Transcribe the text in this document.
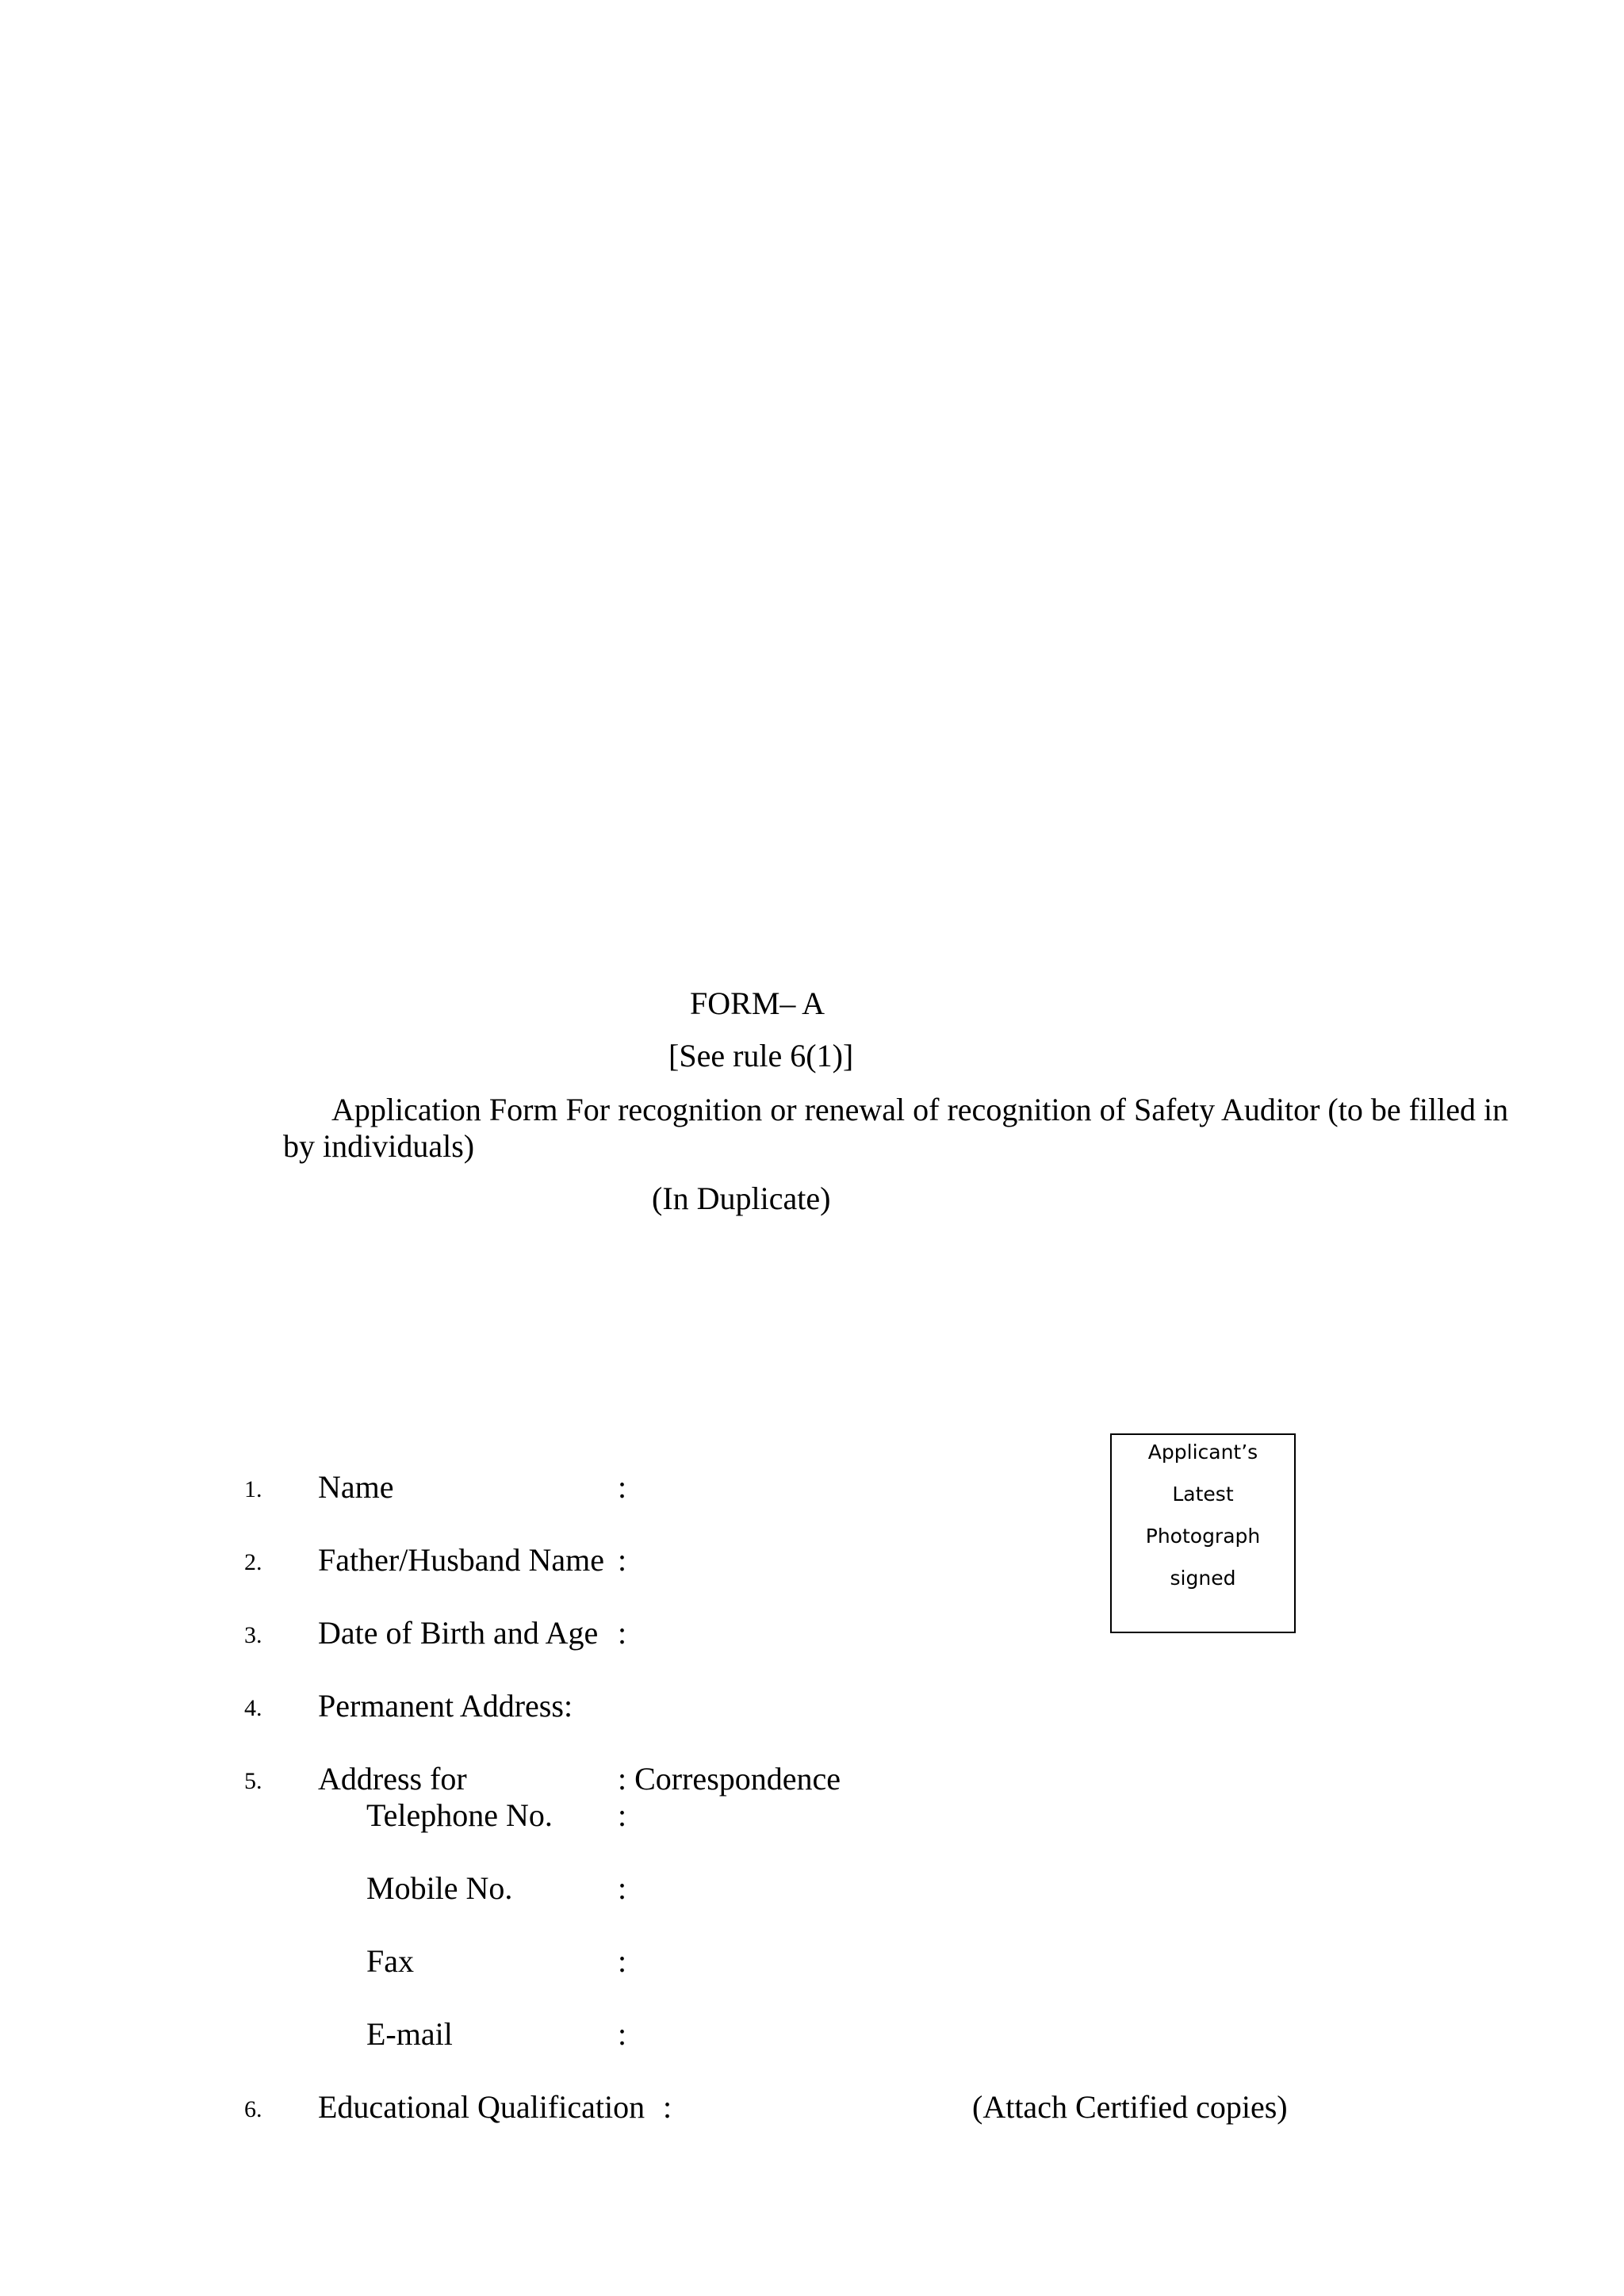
FORM– A
[See rule 6(1)]
Application Form For recognition or renewal of recognition of Safety Auditor (to be filled in
by individuals)
(In Duplicate)
Applicant’s
Latest
Photograph
signed
1. Name	:
2. Father/Husband Name :
3. Date of Birth and Age :
4. Permanent Address:
5. Address for	: Correspondence
Telephone No. :
Mobile No.	:
Fax	:
E-mail	:
6. Educational Qualification :	(Attach Certified copies)
